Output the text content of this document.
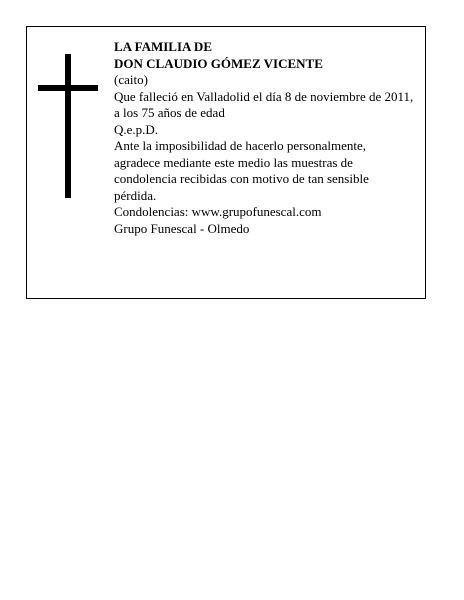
LA FAMILIA DE
DON CLAUDIO GÓMEZ VICENTE
(caito)
Que falleció en Valladolid el día 8 de noviembre de 2011, a los 75 años de edad
Q.e.p.D.
Ante la imposibilidad de hacerlo personalmente, agradece mediante este medio las muestras de condolencia recibidas con motivo de tan sensible pérdida.
Condolencias: www.grupofunescal.com
Grupo Funescal - Olmedo
